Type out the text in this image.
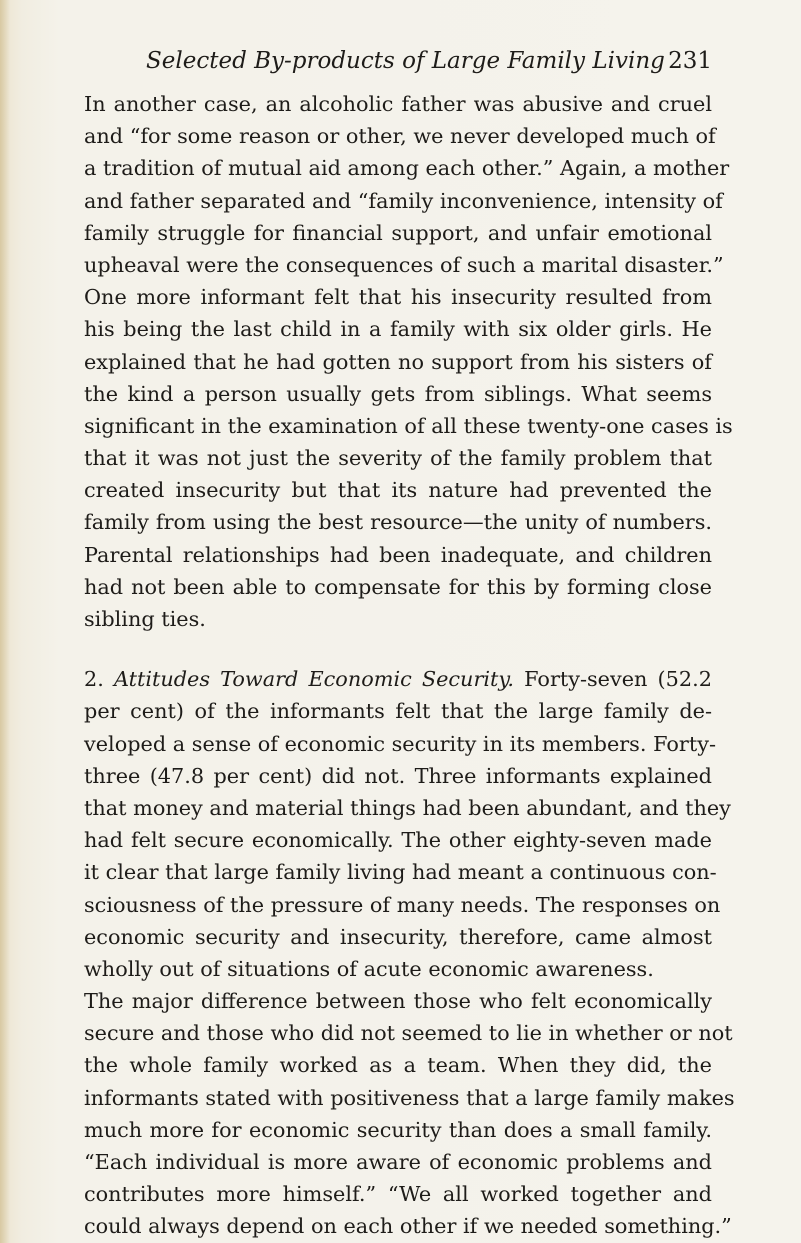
Selected By-products of Large Family Living 231
In another case, an alcoholic father was abusive and cruel
and “for some reason or other, we never developed much of
a tradition of mutual aid among each other.” Again, a mother
and father separated and “family inconvenience, intensity of
family struggle for financial support, and unfair emotional
upheaval were the consequences of such a marital disaster.”
One more informant felt that his insecurity resulted from
his being the last child in a family with six older girls. He
explained that he had gotten no support from his sisters of
the kind a person usually gets from siblings. What seems
significant in the examination of all these twenty-one cases is
that it was not just the severity of the family problem that
created insecurity but that its nature had prevented the
family from using the best resource—the unity of numbers.
Parental relationships had been inadequate, and children
had not been able to compensate for this by forming close
sibling ties.
2. Attitudes Toward Economic Security. Forty-seven (52.2
per cent) of the informants felt that the large family de-
veloped a sense of economic security in its members. Forty-
three (47.8 per cent) did not. Three informants explained
that money and material things had been abundant, and they
had felt secure economically. The other eighty-seven made
it clear that large family living had meant a continuous con-
sciousness of the pressure of many needs. The responses on
economic security and insecurity, therefore, came almost
wholly out of situations of acute economic awareness.
The major difference between those who felt economically
secure and those who did not seemed to lie in whether or not
the whole family worked as a team. When they did, the
informants stated with positiveness that a large family makes
much more for economic security than does a small family.
“Each individual is more aware of economic problems and
contributes more himself.” “We all worked together and
could always depend on each other if we needed something.”
